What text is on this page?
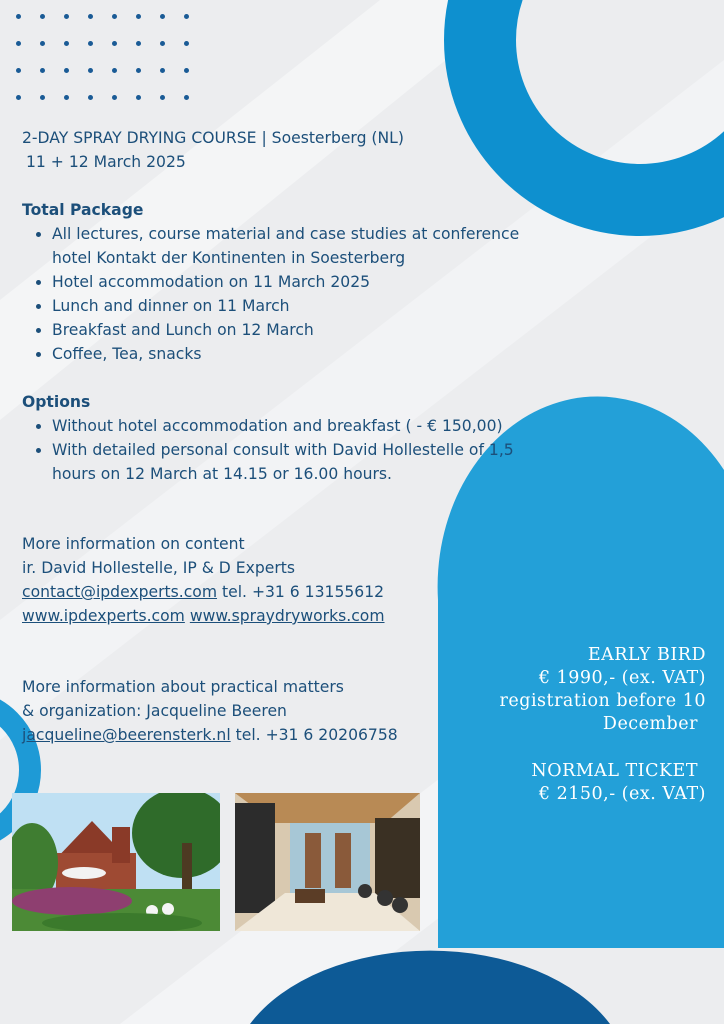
2-DAY SPRAY DRYING COURSE | Soesterberg (NL)

11 + 12 March 2025

Total Package

• All lectures, course material and case studies at conference hotel Kontakt der Kontinenten in Soesterberg
• Hotel accommodation on 11 March 2025
• Lunch and dinner on 11 March
• Breakfast and Lunch on 12 March
• Coffee, Tea, snacks

Options

• Without hotel accommodation and breakfast ( - € 150,00)
• With detailed personal consult with David Hollestelle of 1,5 hours on 12 March at 14.15 or 16.00 hours.

More information on content

ir. David Hollestelle, IP & D Experts

contact@ipdexperts.com tel. +31 6 13155612

www.ipdexperts.com www.spraydryworks.com

More information about practical matters

& organization: Jacqueline Beeren

jacqueline@beerensterk.nl tel. +31 6 20206758

EARLY BIRD

€ 1990,- (ex. VAT)

registration before 10

December

NORMAL TICKET

€ 2150,- (ex. VAT)
